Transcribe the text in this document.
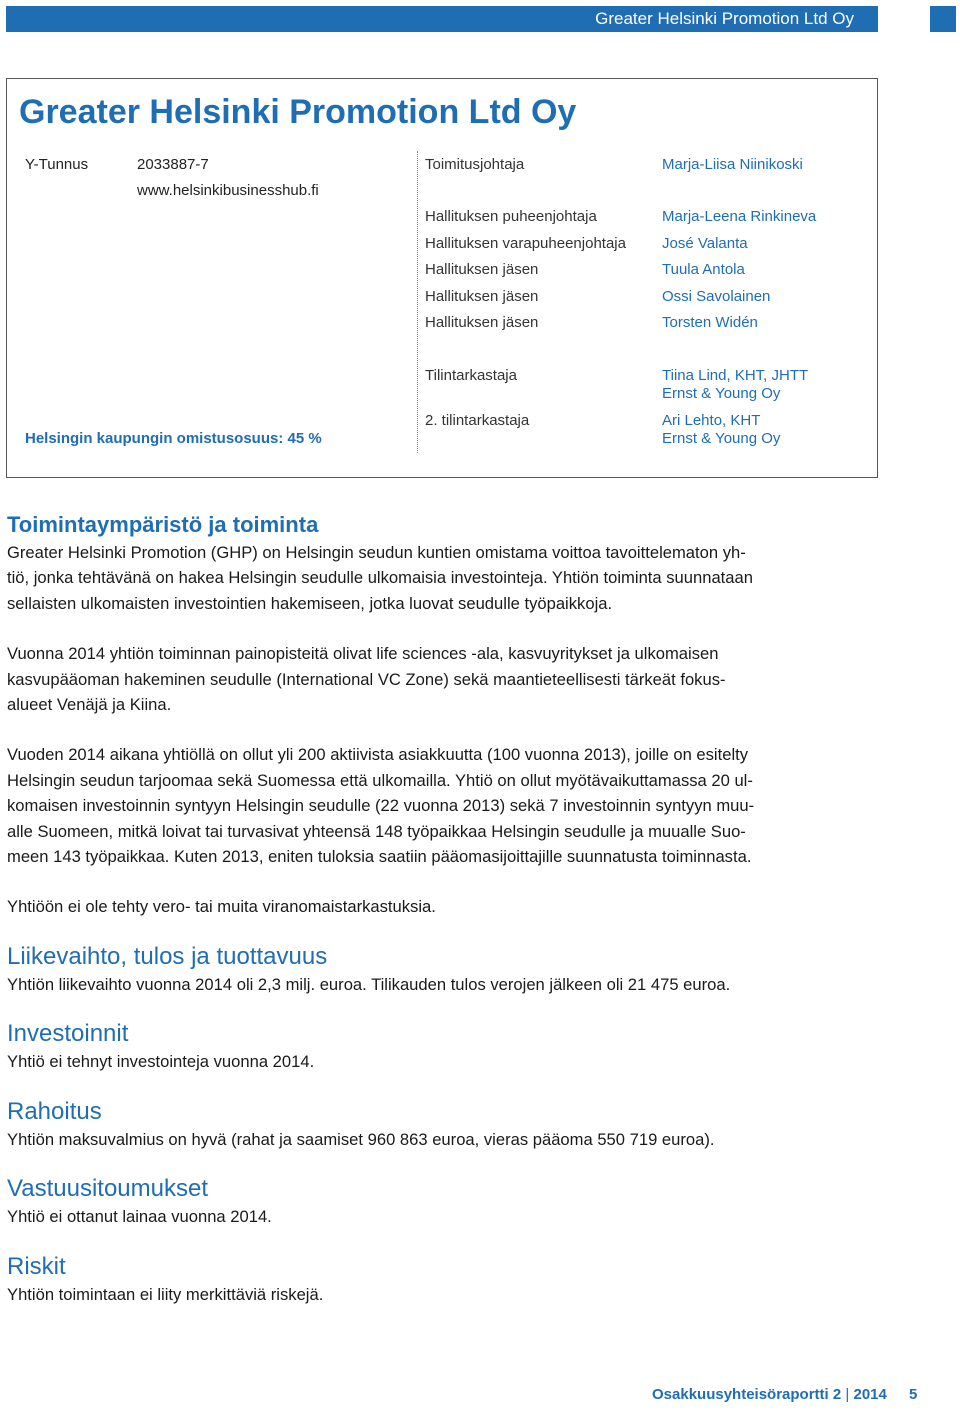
Greater Helsinki Promotion Ltd Oy
Greater Helsinki Promotion Ltd Oy
Y-Tunnus	2033887-7
www.helsinkibusinesshub.fi
Toimitusjohtaja	Marja-Liisa Niinikoski
Hallituksen puheenjohtaja	Marja-Leena Rinkineva
Hallituksen varapuheenjohtaja José Valanta
Hallituksen jäsen	Tuula Antola
Hallituksen jäsen	Ossi Savolainen
Hallituksen jäsen	Torsten Widén
Tilintarkastaja	Tiina Lind, KHT, JHTT
Ernst & Young Oy
2. tilintarkastaja	Ari Lehto, KHT
Ernst & Young Oy
Helsingin kaupungin omistusosuus: 45 %
Toimintaympäristö ja toiminta

Greater Helsinki Promotion (GHP) on Helsingin seudun kuntien omistama voittoa tavoittelematon yh-
tiö, jonka tehtävänä on hakea Helsingin seudulle ulkomaisia investointeja. Yhtiön toiminta suunnataan
sellaisten ulkomaisten investointien hakemiseen, jotka luovat seudulle työpaikkoja.

Vuonna 2014 yhtiön toiminnan painopisteitä olivat life sciences -ala, kasvuyritykset ja ulkomaisen
kasvupääoman hakeminen seudulle (International VC Zone) sekä maantieteellisesti tärkeät fokus-
alueet Venäjä ja Kiina.

Vuoden 2014 aikana yhtiöllä on ollut yli 200 aktiivista asiakkuutta (100 vuonna 2013), joille on esitelty
Helsingin seudun tarjoomaa sekä Suomessa että ulkomailla. Yhtiö on ollut myötävaikuttamassa 20 ul-
komaisen investoinnin syntyyn Helsingin seudulle (22 vuonna 2013) sekä 7 investoinnin syntyyn muu-
alle Suomeen, mitkä loivat tai turvasivat yhteensä 148 työpaikkaa Helsingin seudulle ja muualle Suo-
meen 143 työpaikkaa. Kuten 2013, eniten tuloksia saatiin pääomasijoittajille suunnatusta toiminnasta.

Yhtiöön ei ole tehty vero- tai muita viranomaistarkastuksia.

Liikevaihto, tulos ja tuottavuus

Yhtiön liikevaihto vuonna 2014 oli 2,3 milj. euroa. Tilikauden tulos verojen jälkeen oli 21 475 euroa.

Investoinnit

Yhtiö ei tehnyt investointeja vuonna 2014.

Rahoitus

Yhtiön maksuvalmius on hyvä (rahat ja saamiset 960 863 euroa, vieras pääoma 550 719 euroa).

Vastuusitoumukset

Yhtiö ei ottanut lainaa vuonna 2014.

Riskit

Yhtiön toimintaan ei liity merkittäviä riskejä.

Osakkuusyhteisöraportti 2 | 2014 5
